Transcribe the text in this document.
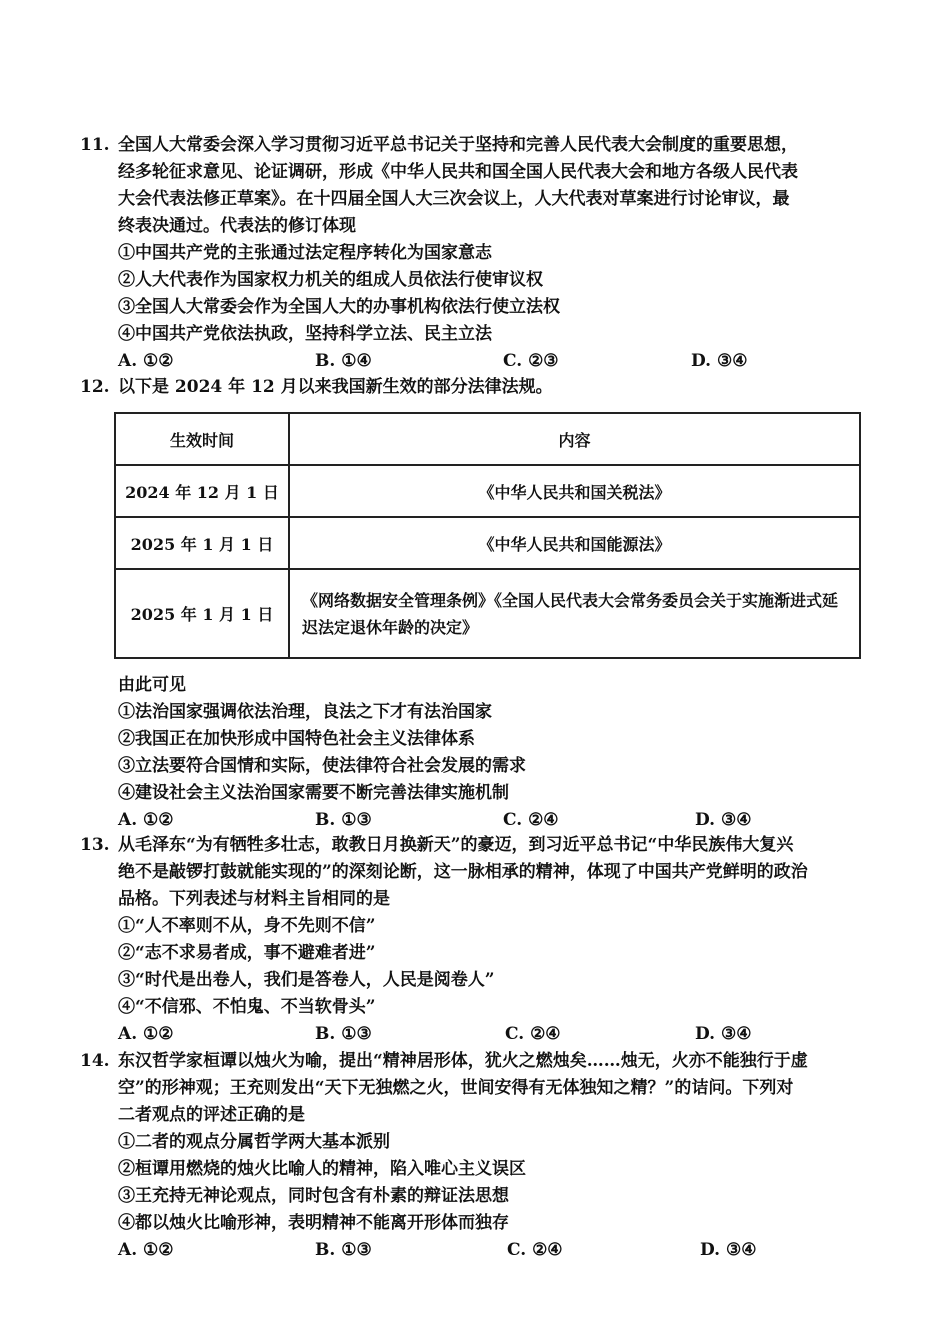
11. 全国人大常委会深入学习贯彻习近平总书记关于坚持和完善人民代表大会制度的重要思想，
经多轮征求意见、论证调研，形成《中华人民共和国全国人民代表大会和地方各级人民代表
大会代表法修正草案》。在十四届全国人大三次会议上，人大代表对草案进行讨论审议，最
终表决通过。代表法的修订体现
①中国共产党的主张通过法定程序转化为国家意志
②人大代表作为国家权力机关的组成人员依法行使审议权
③全国人大常委会作为全国人大的办事机构依法行使立法权
④中国共产党依法执政，坚持科学立法、民主立法
A. ①②	B. ①④	C. ②③	D. ③④
12. 以下是 2024 年 12 月以来我国新生效的部分法律法规。
生效时间	内容
2024 年 12 月 1 日	《中华人民共和国关税法》
2025 年 1 月 1 日	《中华人民共和国能源法》
2025 年 1 月 1 日	《网络数据安全管理条例》《全国人民代表大会常务委员会关于实施渐进式延迟法定退休年龄的决定》
由此可见
①法治国家强调依法治理，良法之下才有法治国家
②我国正在加快形成中国特色社会主义法律体系
③立法要符合国情和实际，使法律符合社会发展的需求
④建设社会主义法治国家需要不断完善法律实施机制
A. ①②	B. ①③	C. ②④	D. ③④
13. 从毛泽东“为有牺牲多壮志，敢教日月换新天”的豪迈，到习近平总书记“中华民族伟大复兴
绝不是敲锣打鼓就能实现的”的深刻论断，这一脉相承的精神，体现了中国共产党鲜明的政治
品格。下列表述与材料主旨相同的是
①“人不率则不从，身不先则不信”
②“志不求易者成，事不避难者进”
③“时代是出卷人，我们是答卷人，人民是阅卷人”
④“不信邪、不怕鬼、不当软骨头”
A. ①②	B. ①③	C. ②④	D. ③④
14. 东汉哲学家桓谭以烛火为喻，提出“精神居形体，犹火之燃烛矣……烛无，火亦不能独行于虚
空”的形神观；王充则发出“天下无独燃之火，世间安得有无体独知之精？”的诘问。下列对
二者观点的评述正确的是
①二者的观点分属哲学两大基本派别
②桓谭用燃烧的烛火比喻人的精神，陷入唯心主义误区
③王充持无神论观点，同时包含有朴素的辩证法思想
④都以烛火比喻形神，表明精神不能离开形体而独存
A. ①②	B. ①③	C. ②④	D. ③④
